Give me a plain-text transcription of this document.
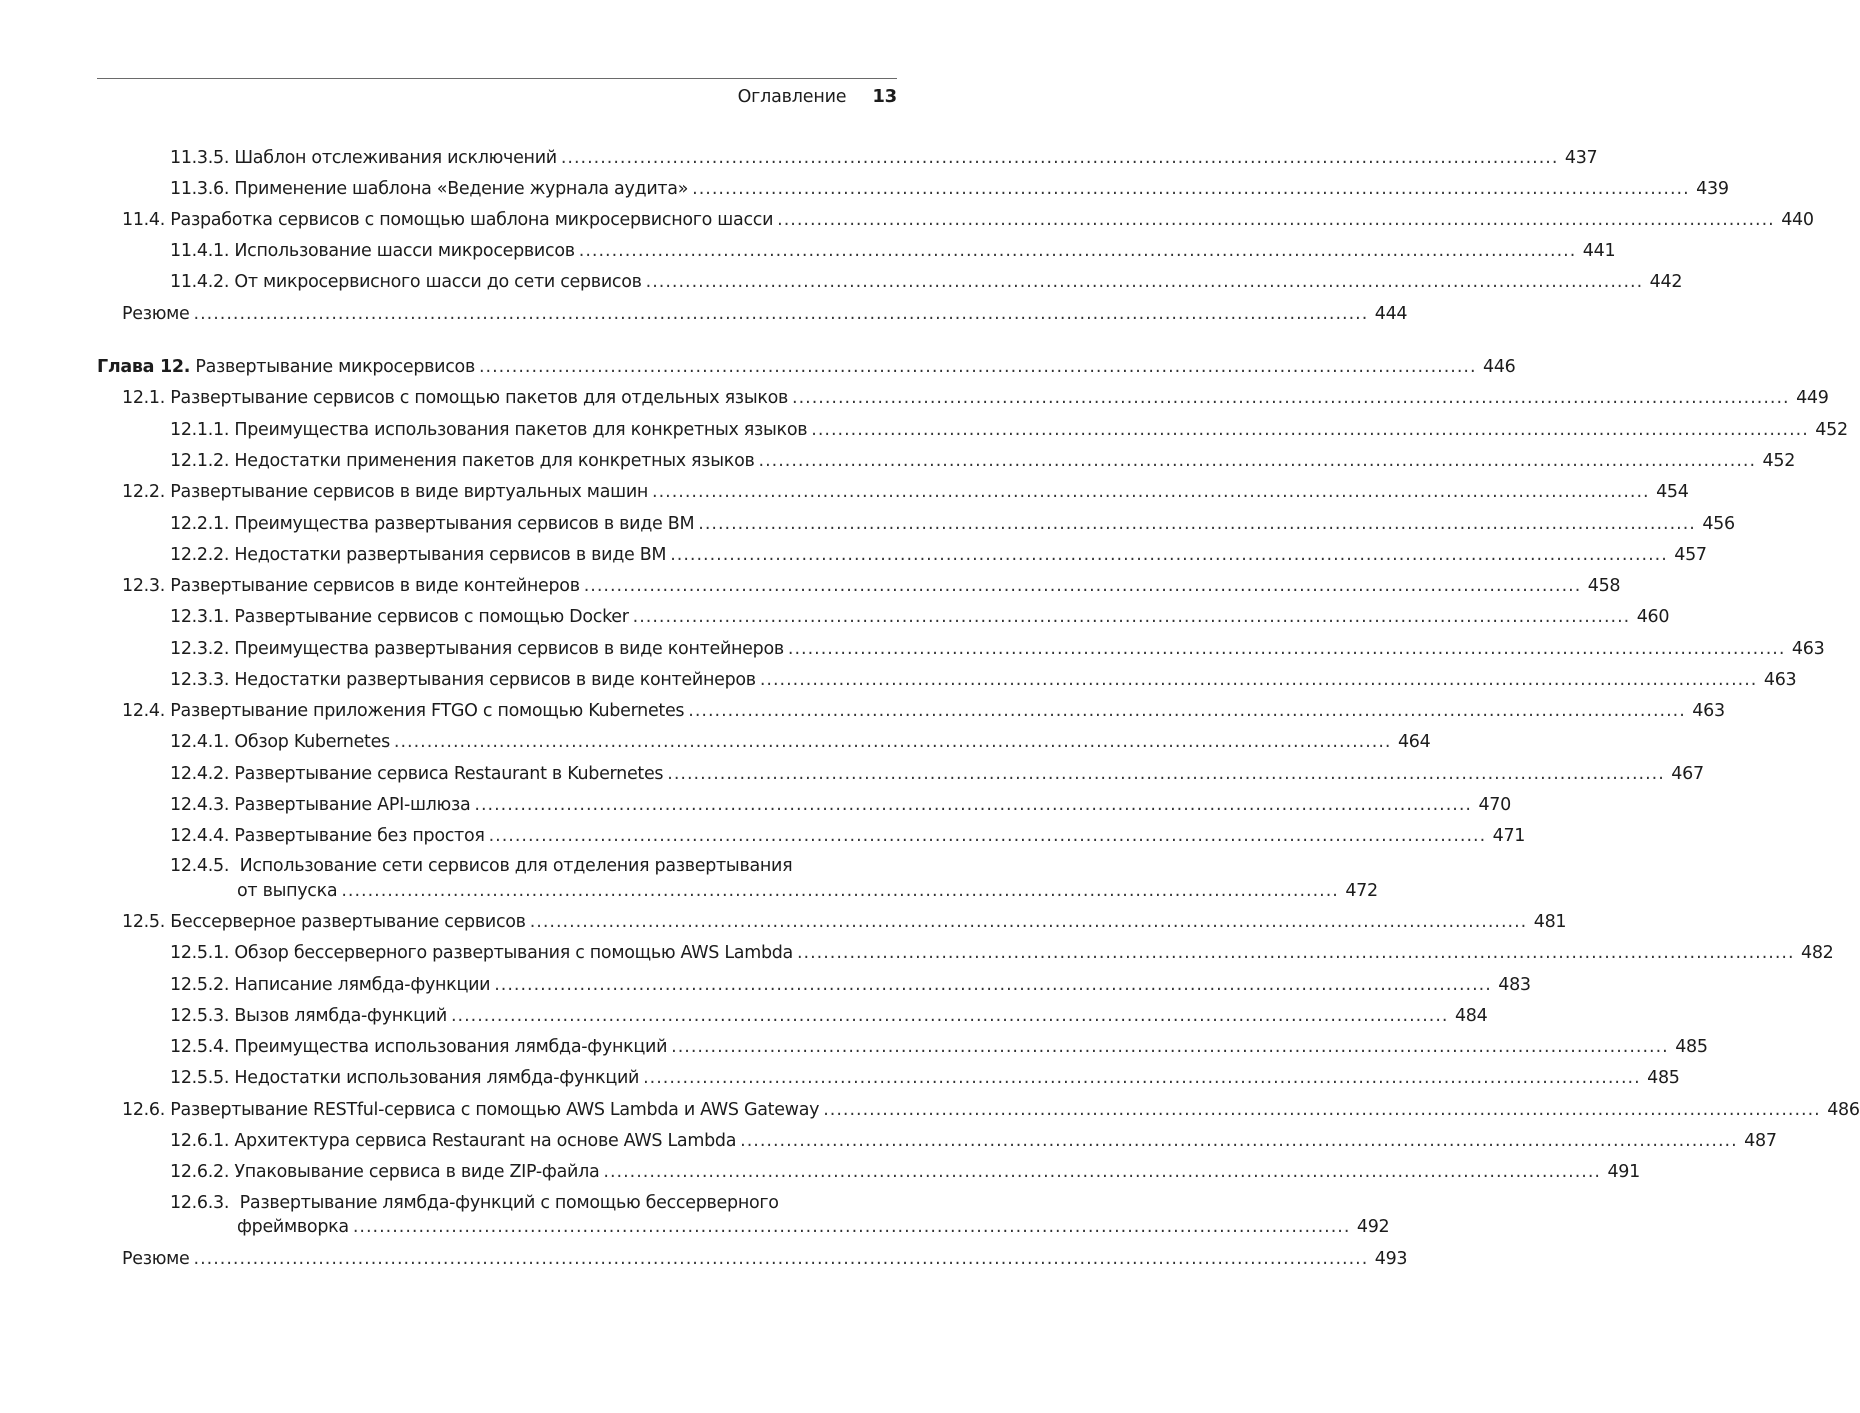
Оглавление 13
11.3.5.
Шаблон отслеживания исключений ........................................................................................................................................................ 437
11.3.6.
Применение шаблона «Ведение журнала аудита» ........................................................................................................................................................ 439
11.4.
Разработка сервисов с помощью шаблона микросервисного шасси ........................................................................................................................................................ 440
11.4.1.
Использование шасси микросервисов ........................................................................................................................................................ 441
11.4.2.
От микросервисного шасси до сети сервисов ........................................................................................................................................................ 442
Резюме ................................................................................................................................................................................... 444
Глава 12.
Развертывание микросервисов ........................................................................................................................................................ 446
12.1.
Развертывание сервисов с помощью пакетов для отдельных языков ........................................................................................................................................................ 449
12.1.1.
Преимущества использования пакетов для конкретных языков ........................................................................................................................................................ 452
12.1.2.
Недостатки применения пакетов для конкретных языков ........................................................................................................................................................ 452
12.2.
Развертывание сервисов в виде виртуальных машин ........................................................................................................................................................ 454
12.2.1.
Преимущества развертывания сервисов в виде ВМ ........................................................................................................................................................ 456
12.2.2.
Недостатки развертывания сервисов в виде ВМ ........................................................................................................................................................ 457
12.3.
Развертывание сервисов в виде контейнеров ........................................................................................................................................................ 458
12.3.1.
Развертывание сервисов с помощью Docker ........................................................................................................................................................ 460
12.3.2.
Преимущества развертывания сервисов в виде контейнеров ........................................................................................................................................................ 463
12.3.3.
Недостатки развертывания сервисов в виде контейнеров ........................................................................................................................................................ 463
12.4.
Развертывание приложения FTGO с помощью Kubernetes ........................................................................................................................................................ 463
12.4.1.
Обзор Kubernetes ........................................................................................................................................................ 464
12.4.2.
Развертывание сервиса Restaurant в Kubernetes ........................................................................................................................................................ 467
12.4.3.
Развертывание API-шлюза ........................................................................................................................................................ 470
12.4.4.
Развертывание без простоя ........................................................................................................................................................ 471
12.4.5. Использование сети сервисов для отделения развертывания
от выпуска ........................................................................................................................................................ 472
12.5.
Бессерверное развертывание сервисов ........................................................................................................................................................ 481
12.5.1.
Обзор бессерверного развертывания с помощью AWS Lambda ........................................................................................................................................................ 482
12.5.2.
Написание лямбда-функции ........................................................................................................................................................ 483
12.5.3.
Вызов лямбда-функций ........................................................................................................................................................ 484
12.5.4.
Преимущества использования лямбда-функций ........................................................................................................................................................ 485
12.5.5.
Недостатки использования лямбда-функций ........................................................................................................................................................ 485
12.6.
Развертывание RESTful-сервиса с помощью AWS Lambda и AWS Gateway ........................................................................................................................................................ 486
12.6.1.
Архитектура сервиса Restaurant на основе AWS Lambda ........................................................................................................................................................ 487
12.6.2.
Упаковывание сервиса в виде ZIP-файла ........................................................................................................................................................ 491
12.6.3. Развертывание лямбда-функций с помощью бессерверного
фреймворка ........................................................................................................................................................ 492
Резюме ................................................................................................................................................................................... 493
